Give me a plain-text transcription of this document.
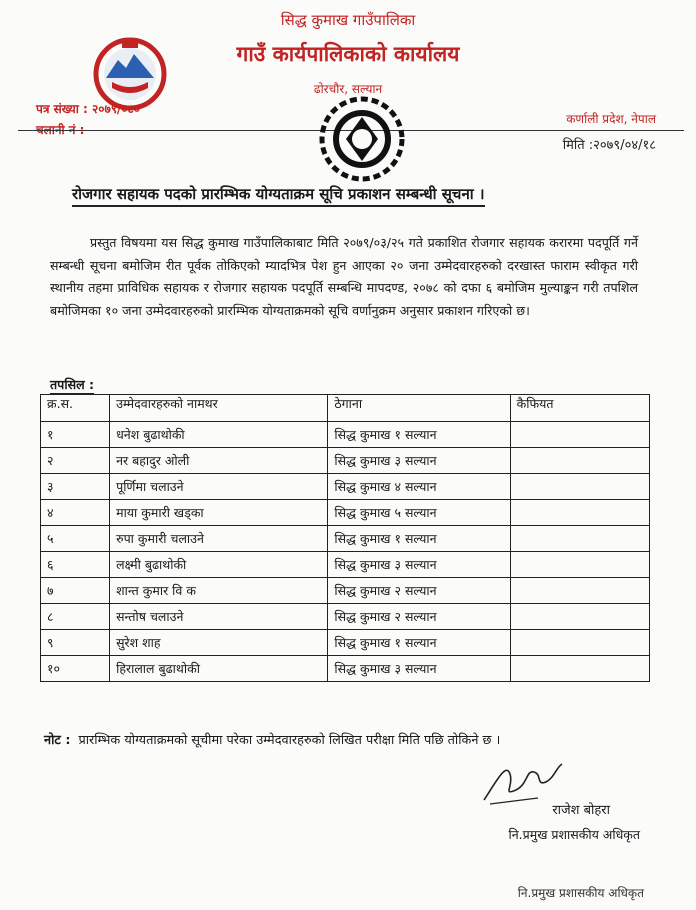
सिद्ध कुमाख गाउँपालिका
गाउँ कार्यपालिकाको कार्यालय
ढोरचौर, सल्यान
पत्र संख्या : २०७९/०८०
चलानी नं :
कर्णाली प्रदेश, नेपाल
मिति :२०७९/०४/१८
रोजगार सहायक पदको प्रारम्भिक योग्यताक्रम सूचि प्रकाशन सम्बन्धी सूचना ।
प्रस्तुत विषयमा यस सिद्ध कुमाख गाउँपालिकाबाट मिति २०७९/०३/२५ गते प्रकाशित रोजगार सहायक करारमा पदपूर्ति गर्ने सम्बन्धी सूचना बमोजिम रीत पूर्वक तोकिएको म्यादभित्र पेश हुन आएका २० जना उम्मेदवारहरुको दरखास्त फाराम स्वीकृत गरी स्थानीय तहमा प्राविधिक सहायक र रोजगार सहायक पदपूर्ति सम्बन्धि मापदण्ड, २०७८ को दफा ६ बमोजिम मुल्याङ्कन गरी तपशिल बमोजिमका १० जना उम्मेदवारहरुको प्रारम्भिक योग्यताक्रमको सूचि वर्णानुक्रम अनुसार प्रकाशन गरिएको छ।
तपसिल :
क्र.स.	उम्मेदवारहरुको नामथर	ठेगाना	कैफियत
१	धनेश बुढाथोकी	सिद्ध कुमाख १ सल्यान	
२	नर बहादुर ओली	सिद्ध कुमाख ३ सल्यान	
३	पूर्णिमा चलाउने	सिद्ध कुमाख ४ सल्यान	
४	माया कुमारी खड्का	सिद्ध कुमाख ५ सल्यान	
५	रुपा कुमारी चलाउने	सिद्ध कुमाख १ सल्यान	
६	लक्ष्मी बुढाथोकी	सिद्ध कुमाख ३ सल्यान	
७	शान्त कुमार वि क	सिद्ध कुमाख २ सल्यान	
८	सन्तोष चलाउने	सिद्ध कुमाख २ सल्यान	
९	सुरेश शाह	सिद्ध कुमाख १ सल्यान	
१०	हिरालाल बुढाथोकी	सिद्ध कुमाख ३ सल्यान	
नोट : प्रारम्भिक योग्यताक्रमको सूचीमा परेका उम्मेदवारहरुको लिखित परीक्षा मिति पछि तोकिने छ ।
राजेश बोहरा
नि.प्रमुख प्रशासकीय अधिकृत
नि.प्रमुख प्रशासकीय अधिकृत
